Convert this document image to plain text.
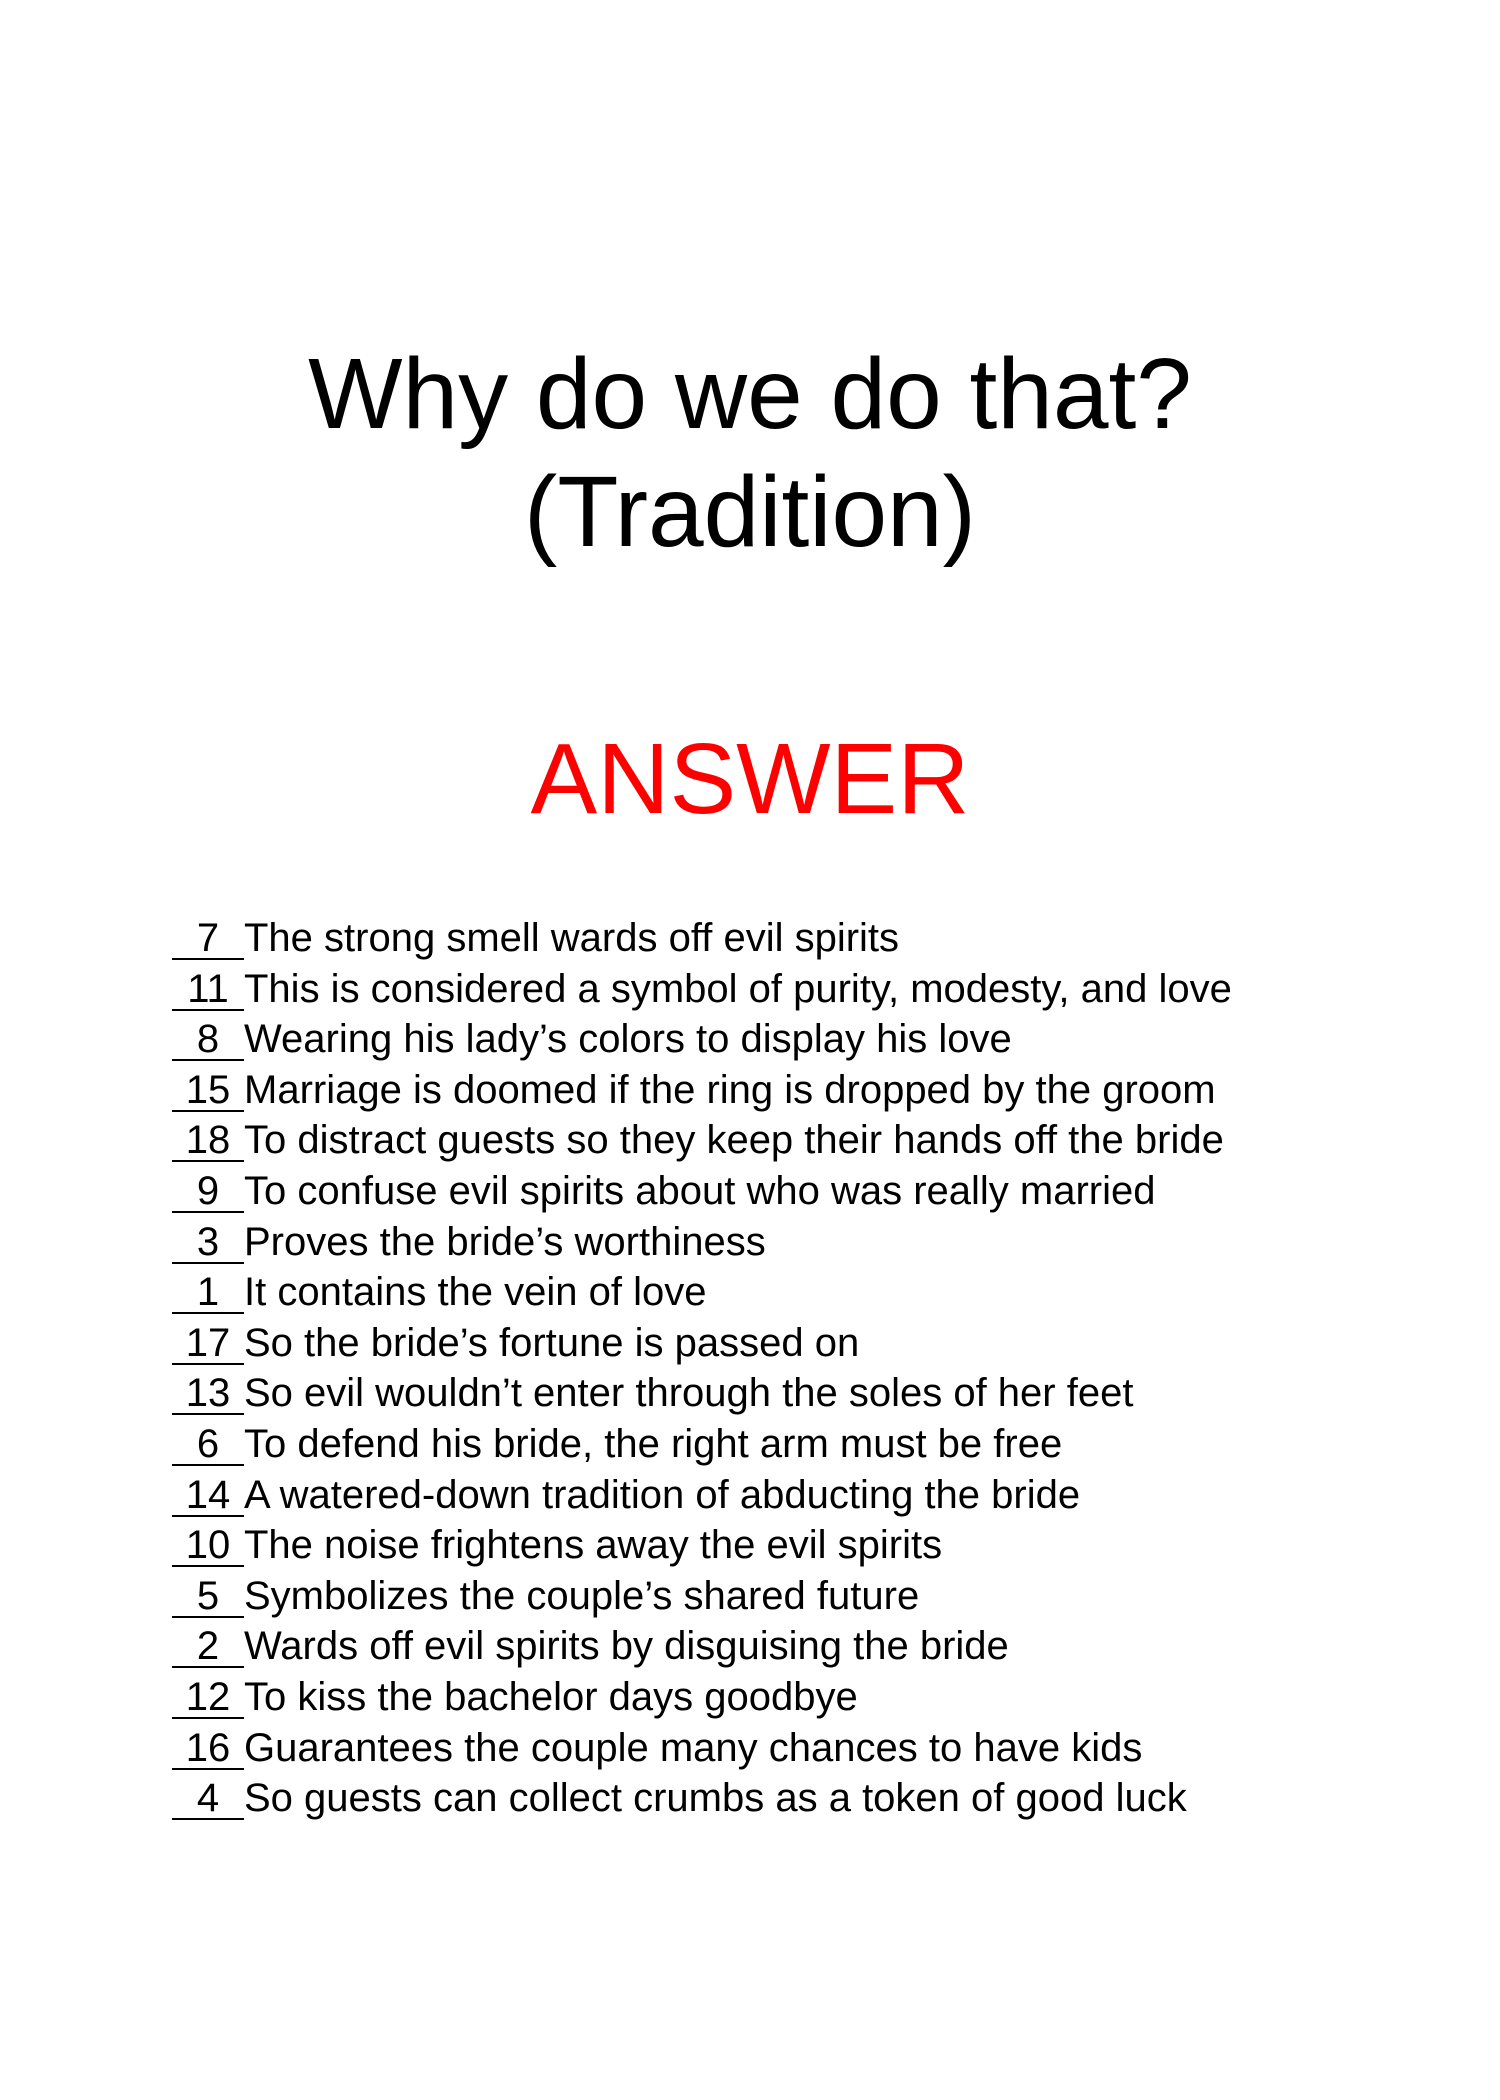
Why do we do that?
(Tradition)
ANSWER
7 The strong smell wards off evil spirits
11 This is considered a symbol of purity, modesty, and love
8 Wearing his lady’s colors to display his love
15 Marriage is doomed if the ring is dropped by the groom
18 To distract guests so they keep their hands off the bride
9 To confuse evil spirits about who was really married
3 Proves the bride’s worthiness
1 It contains the vein of love
17 So the bride’s fortune is passed on
13 So evil wouldn’t enter through the soles of her feet
6 To defend his bride, the right arm must be free
14 A watered-down tradition of abducting the bride
10 The noise frightens away the evil spirits
5 Symbolizes the couple’s shared future
2 Wards off evil spirits by disguising the bride
12 To kiss the bachelor days goodbye
16 Guarantees the couple many chances to have kids
4 So guests can collect crumbs as a token of good luck
